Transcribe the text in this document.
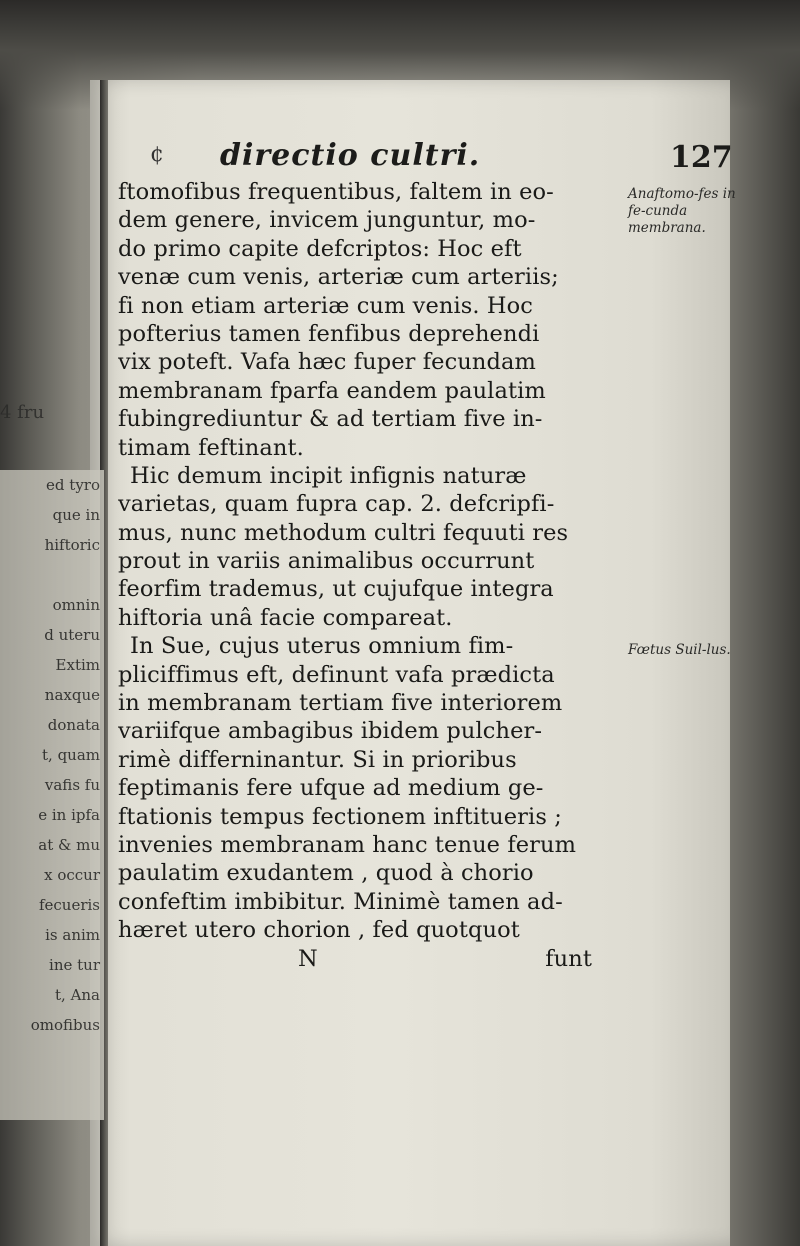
4 fru
ed tyro
que in
hiftoric
omnin
d uteru
Extim
naxque
donata
t, quam
vafis fu
e in ipfa
at & mu
x occur
fecueris
is anim
ine tur
t, Ana
omofibus
¢ directio cultri.	127
ftomofibus frequentibus, faltem in eo-
dem genere, invicem junguntur, mo-
do primo capite defcriptos: Hoc eft
venæ cum venis, arteriæ cum arteriis;
fi non etiam arteriæ cum venis. Hoc
pofterius tamen fenfibus deprehendi
vix poteft. Vafa hæc fuper fecundam
membranam fparfa eandem paulatim
fubingrediuntur & ad tertiam five in-
timam feftinant.
Hic demum incipit infignis naturæ
varietas, quam fupra cap. 2. defcripfi-
mus, nunc methodum cultri fequuti res
prout in variis animalibus occurrunt
feorfim trademus, ut cujufque integra
hiftoria unâ facie compareat.
In Sue, cujus uterus omnium fim-
pliciffimus eft, definunt vafa prædicta
in membranam tertiam five interiorem
variifque ambagibus ibidem pulcher-
rimè differninantur. Si in prioribus
feptimanis fere ufque ad medium ge-
ftationis tempus fectionem inftitueris ;
invenies membranam hanc tenue ferum
paulatim exudantem , quod à chorio
confeftim imbibitur. Minimè tamen ad-
hæret utero chorion , fed quotquot
N	funt
Anaftomo-fes in fe-cunda membrana.
Fœtus Suil-lus.
